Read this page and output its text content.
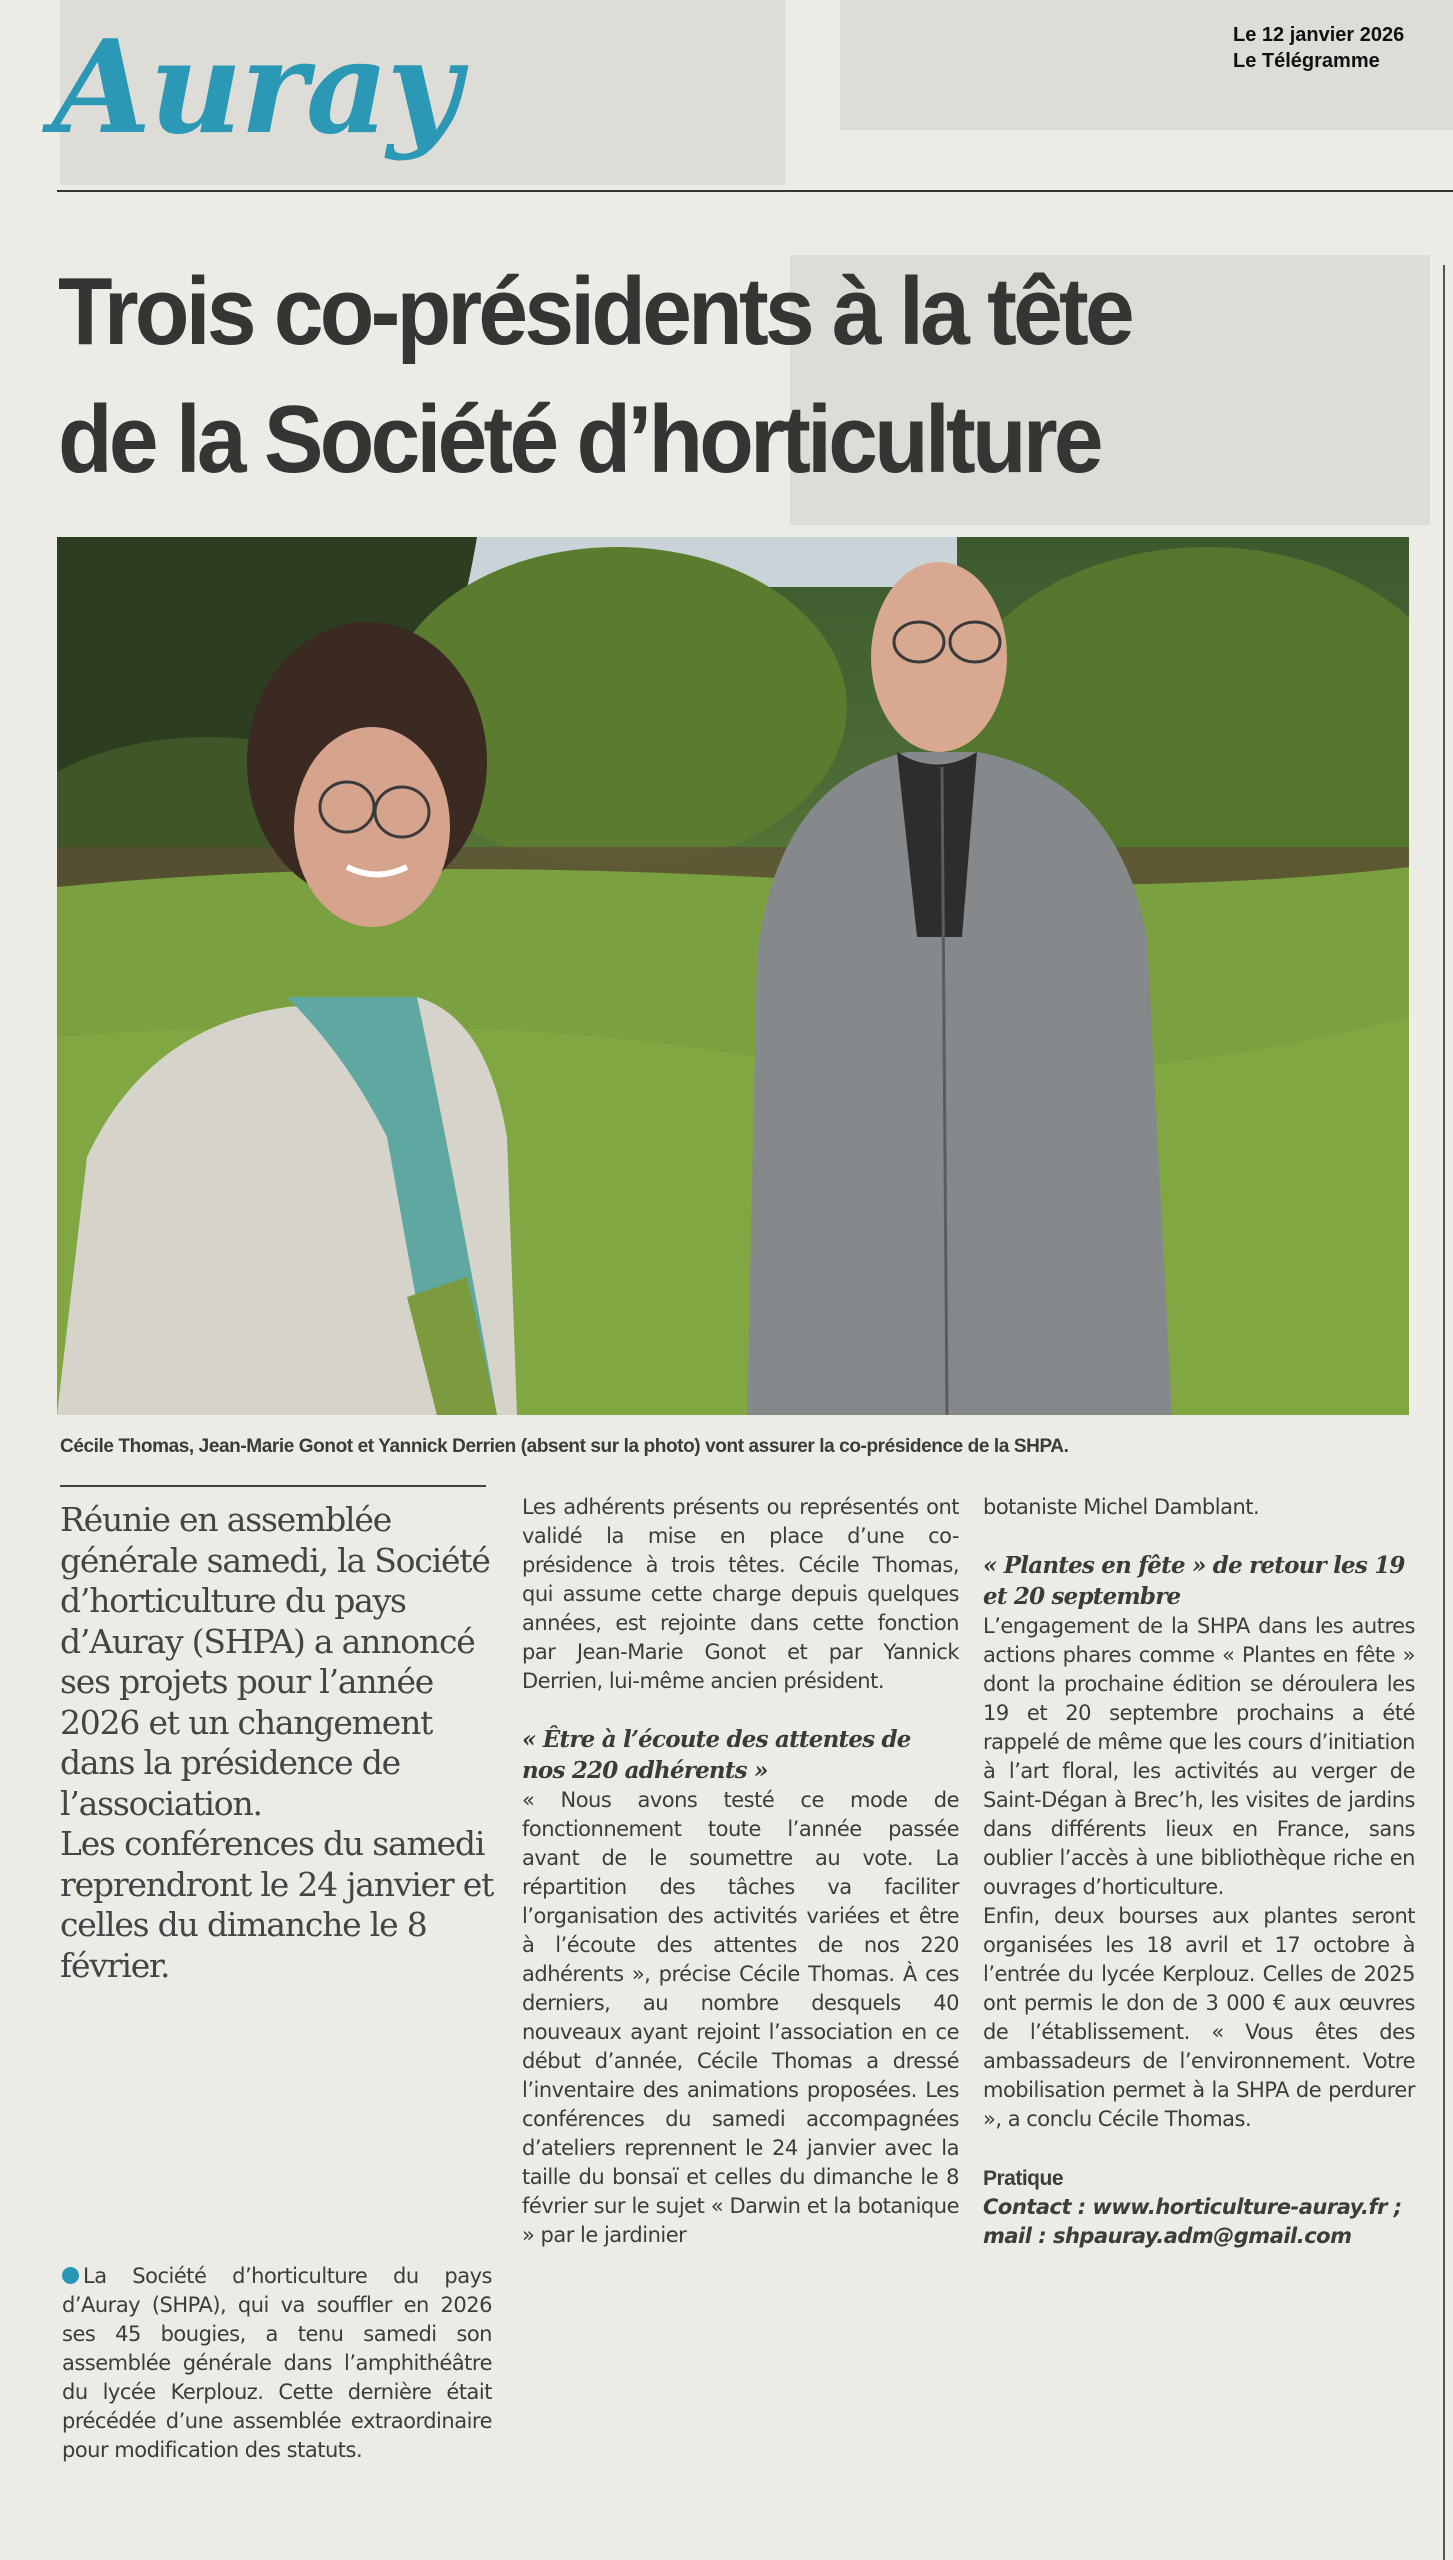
Auray	Le 12 janvier 2026
Le Télégramme
Trois co-présidents à la tête
de la Société d’horticulture
Cécile Thomas, Jean-Marie Gonot et Yannick Derrien (absent sur la photo) vont assurer la co-présidence de la SHPA.

Réunie en assemblée générale samedi, la Société d’horticulture du pays d’Auray (SHPA) a annoncé ses projets pour l’année 2026 et un changement dans la présidence de l’association.

Les conférences du samedi reprendront le 24 janvier et celles du dimanche le 8 février.

La Société d’horticulture du pays d’Auray (SHPA), qui va souffler en 2026 ses 45 bougies, a tenu samedi son assemblée générale dans l’amphithéâtre du lycée Kerplouz. Cette dernière était précédée d’une assemblée extraordinaire pour modification des statuts.

Les adhérents présents ou représentés ont validé la mise en place d’une co-présidence à trois têtes. Cécile Thomas, qui assume cette charge depuis quelques années, est rejointe dans cette fonction par Jean-Marie Gonot et par Yannick Derrien, lui-même ancien président.

« Être à l’écoute des attentes de nos 220 adhérents »

« Nous avons testé ce mode de fonctionnement toute l’année passée avant de le soumettre au vote. La répartition des tâches va faciliter l’organisation des activités variées et être à l’écoute des attentes de nos 220 adhérents », précise Cécile Thomas. À ces derniers, au nombre desquels 40 nouveaux ayant rejoint l’association en ce début d’année, Cécile Thomas a dressé l’inventaire des animations proposées. Les conférences du samedi accompagnées d’ateliers reprennent le 24 janvier avec la taille du bonsaï et celles du dimanche le 8 février sur le sujet « Darwin et la botanique » par le jardinier

botaniste Michel Damblant.

« Plantes en fête » de retour les 19 et 20 septembre

L’engagement de la SHPA dans les autres actions phares comme « Plantes en fête » dont la prochaine édition se déroulera les 19 et 20 septembre prochains a été rappelé de même que les cours d’initiation à l’art floral, les activités au verger de Saint-Dégan à Brec’h, les visites de jardins dans différents lieux en France, sans oublier l’accès à une bibliothèque riche en ouvrages d’horticulture.

Enfin, deux bourses aux plantes seront organisées les 18 avril et 17 octobre à l’entrée du lycée Kerplouz. Celles de 2025 ont permis le don de 3 000 € aux œuvres de l’établissement. « Vous êtes des ambassadeurs de l’environnement. Votre mobilisation permet à la SHPA de perdurer », a conclu Cécile Thomas.

Pratique

Contact : www.horticulture-auray.fr ;

mail : shpauray.adm@gmail.com
